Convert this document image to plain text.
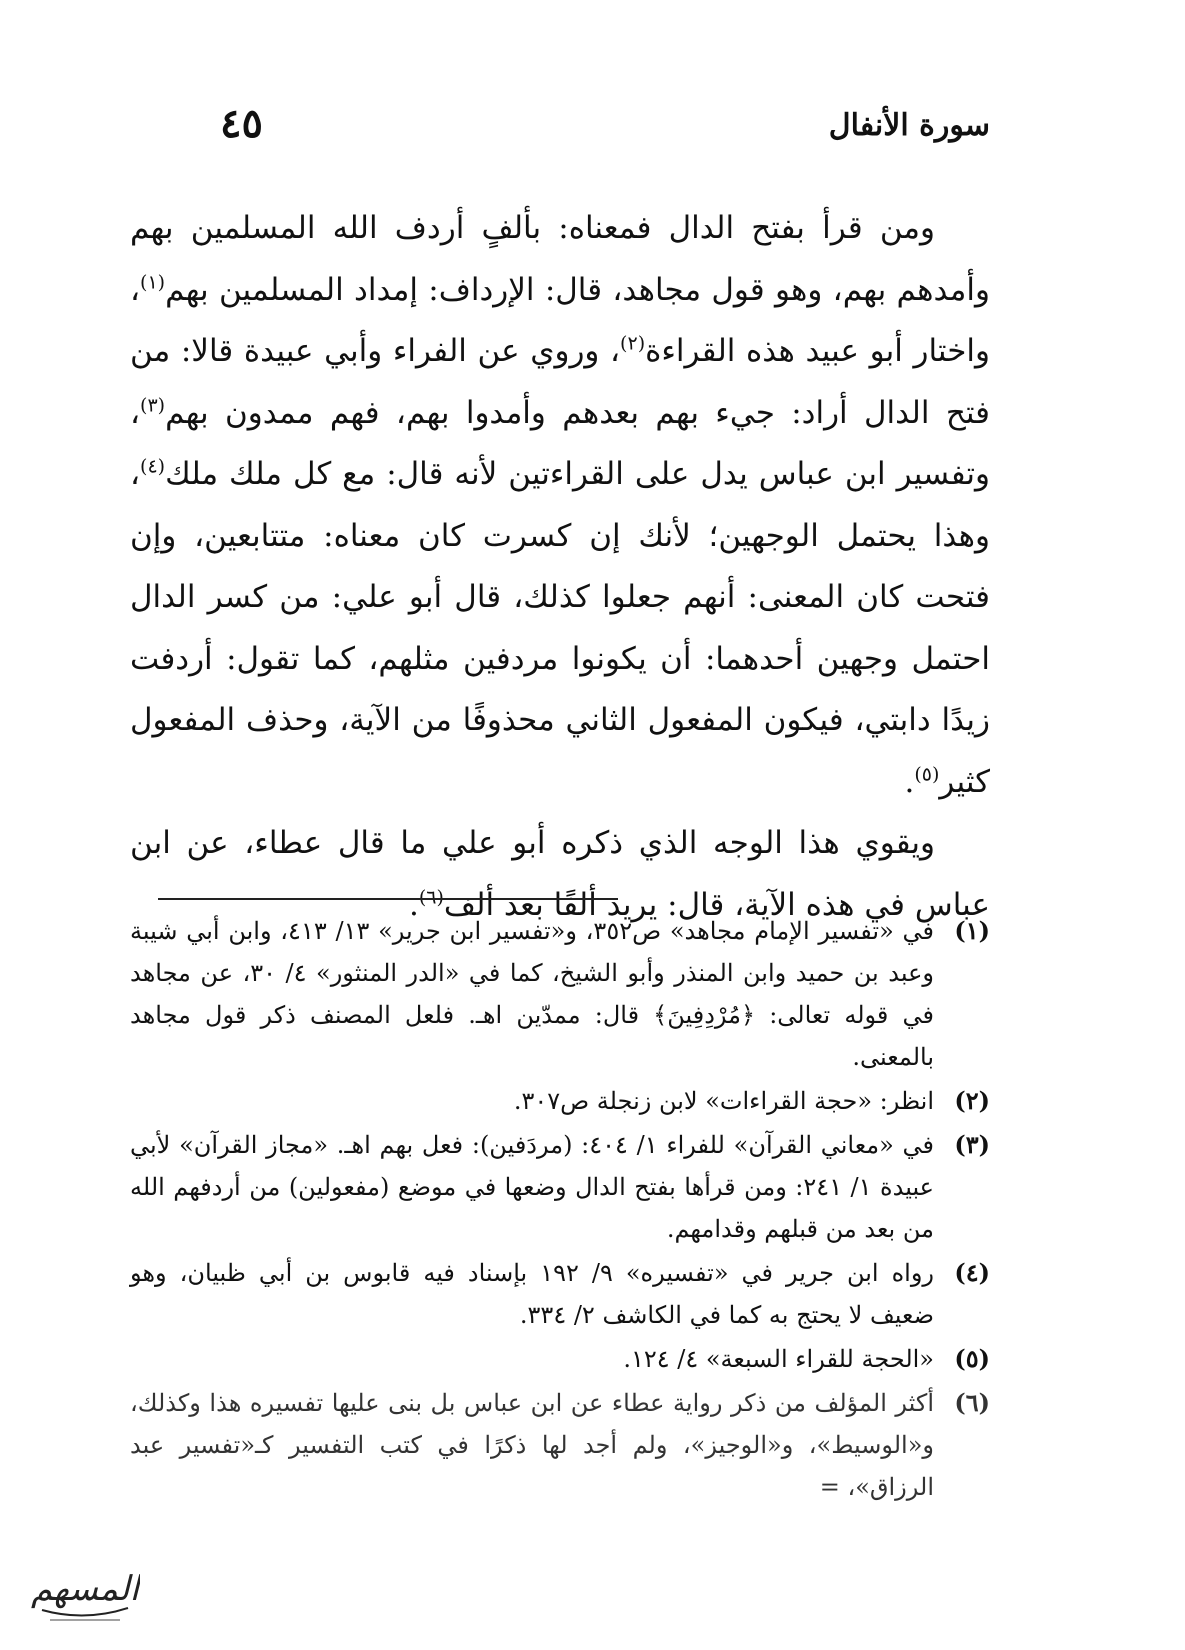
سورة الأنفال
٤٥

ومن قرأ بفتح الدال فمعناه: بألفٍ أردف الله المسلمين بهم وأمدهم بهم، وهو قول مجاهد، قال: الإرداف: إمداد المسلمين بهم$^{(١)}$، واختار أبو عبيد هذه القراءة$^{(٢)}$، وروي عن الفراء وأبي عبيدة قالا: من فتح الدال أراد: جيء بهم بعدهم وأمدوا بهم، فهم ممدون بهم$^{(٣)}$، وتفسير ابن عباس يدل على القراءتين لأنه قال: مع كل ملك ملك$^{(٤)}$، وهذا يحتمل الوجهين؛ لأنك إن كسرت كان معناه: متتابعين، وإن فتحت كان المعنى: أنهم جعلوا كذلك، قال أبو علي: من كسر الدال احتمل وجهين أحدهما: أن يكونوا مردفين مثلهم، كما تقول: أردفت زيدًا دابتي، فيكون المفعول الثاني محذوفًا من الآية، وحذف المفعول كثير$^{(٥)}$.

ويقوي هذا الوجه الذي ذكره أبو علي ما قال عطاء، عن ابن عباس في هذه الآية، قال: يريد ألفًا بعد ألف$^{(٦)}$.

(١)
في «تفسير الإمام مجاهد» ص٣٥٢، و«تفسير ابن جرير» ١٣/ ٤١٣، وابن أبي شيبة وعبد بن حميد وابن المنذر وأبو الشيخ، كما في «الدر المنثور» ٤/ ٣٠، عن مجاهد في قوله تعالى: ﴿مُرْدِفِينَ﴾ قال: ممدّين اهـ. فلعل المصنف ذكر قول مجاهد بالمعنى.
(٢)
انظر: «حجة القراءات» لابن زنجلة ص٣٠٧.
(٣)
في «معاني القرآن» للفراء ١/ ٤٠٤: (مردَفين): فعل بهم اهـ. «مجاز القرآن» لأبي عبيدة ١/ ٢٤١: ومن قرأها بفتح الدال وضعها في موضع (مفعولين) من أردفهم الله من بعد من قبلهم وقدامهم.
(٤)
رواه ابن جرير في «تفسيره» ٩/ ١٩٢ بإسناد فيه قابوس بن أبي ظبيان، وهو ضعيف لا يحتج به كما في الكاشف ٢/ ٣٣٤.
(٥)
«الحجة للقراء السبعة» ٤/ ١٢٤.
(٦)
أكثر المؤلف من ذكر رواية عطاء عن ابن عباس بل بنى عليها تفسيره هذا وكذلك، و«الوسيط»، و«الوجيز»، ولم أجد لها ذكرًا في كتب التفسير كـ«تفسير عبد الرزاق»، =
المسهم
